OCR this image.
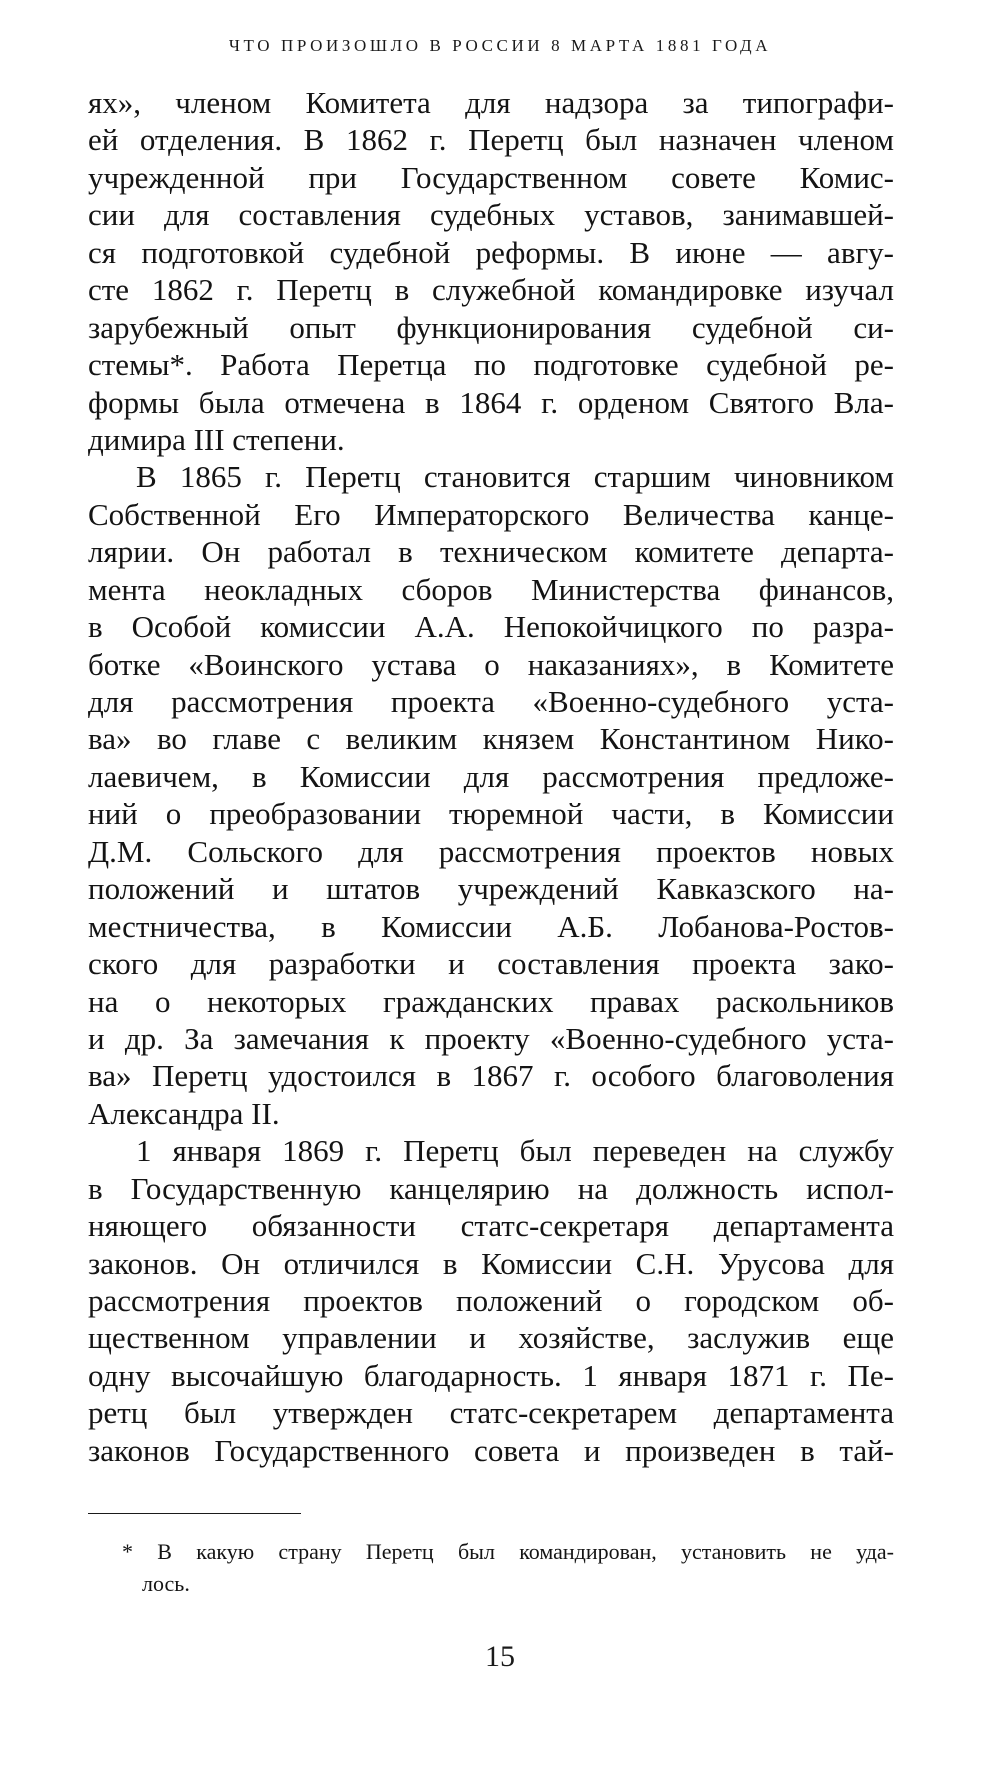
ЧТО ПРОИЗОШЛО В РОССИИ 8 МАРТА 1881 ГОДА
ях», членом Комитета для надзора за типографи-
ей отделения. В 1862 г. Перетц был назначен членом
учрежденной при Государственном совете Комис-
сии для составления судебных уставов, занимавшей-
ся подготовкой судебной реформы. В июне — авгу-
сте 1862 г. Перетц в служебной командировке изучал
зарубежный опыт функционирования судебной си-
стемы*. Работа Перетца по подготовке судебной ре-
формы была отмечена в 1864 г. орденом Святого Вла-
димира III степени.
В 1865 г. Перетц становится старшим чиновником
Собственной Его Императорского Величества канце-
лярии. Он работал в техническом комитете департа-
мента неокладных сборов Министерства финансов,
в Особой комиссии А.А. Непокойчицкого по разра-
ботке «Воинского устава о наказаниях», в Комитете
для рассмотрения проекта «Военно-судебного уста-
ва» во главе с великим князем Константином Нико-
лаевичем, в Комиссии для рассмотрения предложе-
ний о преобразовании тюремной части, в Комиссии
Д.М. Сольского для рассмотрения проектов новых
положений и штатов учреждений Кавказского на-
местничества, в Комиссии А.Б. Лобанова-Ростов-
ского для разработки и составления проекта зако-
на о некоторых гражданских правах раскольников
и др. За замечания к проекту «Военно-судебного уста-
ва» Перетц удостоился в 1867 г. особого благоволения
Александра II.
1 января 1869 г. Перетц был переведен на службу
в Государственную канцелярию на должность испол-
няющего обязанности статс-секретаря департамента
законов. Он отличился в Комиссии С.Н. Урусова для
рассмотрения проектов положений о городском об-
щественном управлении и хозяйстве, заслужив еще
одну высочайшую благодарность. 1 января 1871 г. Пе-
ретц был утвержден статс-секретарем департамента
законов Государственного совета и произведен в тай-
* В какую страну Перетц был командирован, установить не уда-
лось.
15
